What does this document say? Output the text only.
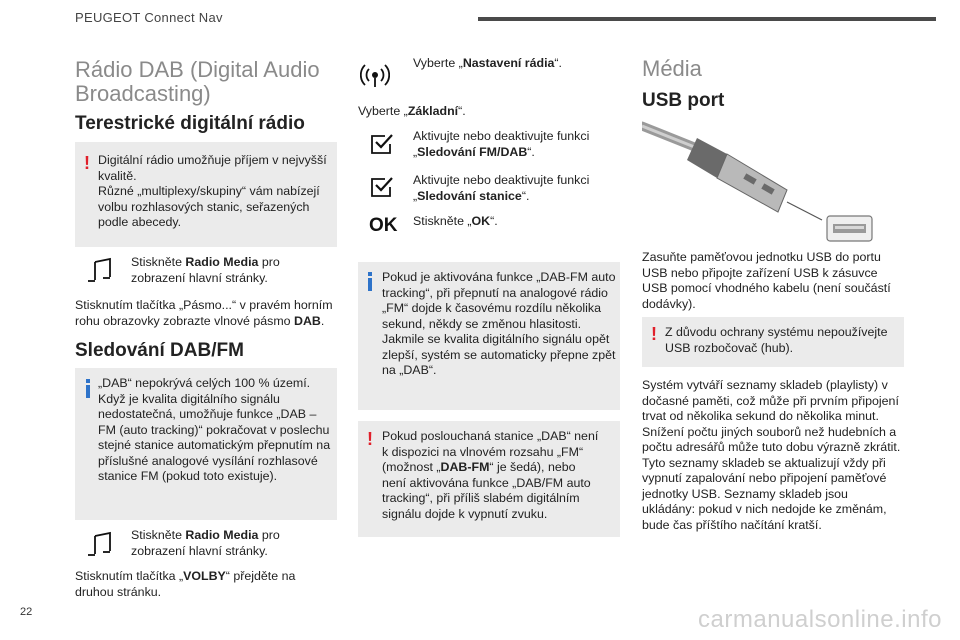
PEUGEOT Connect Nav
Rádio DAB (Digital Audio
Broadcasting)
Terestrické digitální rádio
! Digitální rádio umožňuje příjem v nejvyšší
kvalitě.
Různé „multiplexy/skupiny“ vám nabízejí
volbu rozhlasových stanic, seřazených
podle abecedy.
Stiskněte Radio Media pro
zobrazení hlavní stránky.
Stisknutím tlačítka „Pásmo...“ v pravém horním
rohu obrazovky zobrazte vlnové pásmo DAB.
Sledování DAB/FM
„DAB“ nepokrývá celých 100 % území.
Když je kvalita digitálního signálu
nedostatečná, umožňuje funkce „DAB –
FM (auto tracking)“ pokračovat v poslechu
stejné stanice automatickým přepnutím na
příslušné analogové vysílání rozhlasové
stanice FM (pokud toto existuje).
Stiskněte Radio Media pro
zobrazení hlavní stránky.
Stisknutím tlačítka „VOLBY“ přejděte na
druhou stránku.
Vyberte „Nastavení rádia“.
Vyberte „Základní“.
Aktivujte nebo deaktivujte funkci
„Sledování FM/DAB“.
Aktivujte nebo deaktivujte funkci
„Sledování stanice“.
OK Stiskněte „OK“.
Pokud je aktivována funkce „DAB-FM auto
tracking“, při přepnutí na analogové rádio
„FM“ dojde k časovému rozdílu několika
sekund, někdy se změnou hlasitosti.
Jakmile se kvalita digitálního signálu opět
zlepší, systém se automaticky přepne zpět
na „DAB“.
! Pokud poslouchaná stanice „DAB“ není
k dispozici na vlnovém rozsahu „FM“
(možnost „DAB-FM“ je šedá), nebo
není aktivována funkce „DAB/FM auto
tracking“, při příliš slabém digitálním
signálu dojde k vypnutí zvuku.
Média
USB port
Zasuňte paměťovou jednotku USB do portu
USB nebo připojte zařízení USB k zásuvce
USB pomocí vhodného kabelu (není součástí
dodávky).
! Z důvodu ochrany systému nepoužívejte
USB rozbočovač (hub).
Systém vytváří seznamy skladeb (playlisty) v
dočasné paměti, což může při prvním připojení
trvat od několika sekund do několika minut.
Snížení počtu jiných souborů než hudebních a
počtu adresářů může tuto dobu výrazně zkrátit.
Tyto seznamy skladeb se aktualizují vždy při
vypnutí zapalování nebo připojení paměťové
jednotky USB. Seznamy skladeb jsou
ukládány: pokud v nich nedojde ke změnám,
bude čas příštího načítání kratší.
22	carmanualsonline.info
